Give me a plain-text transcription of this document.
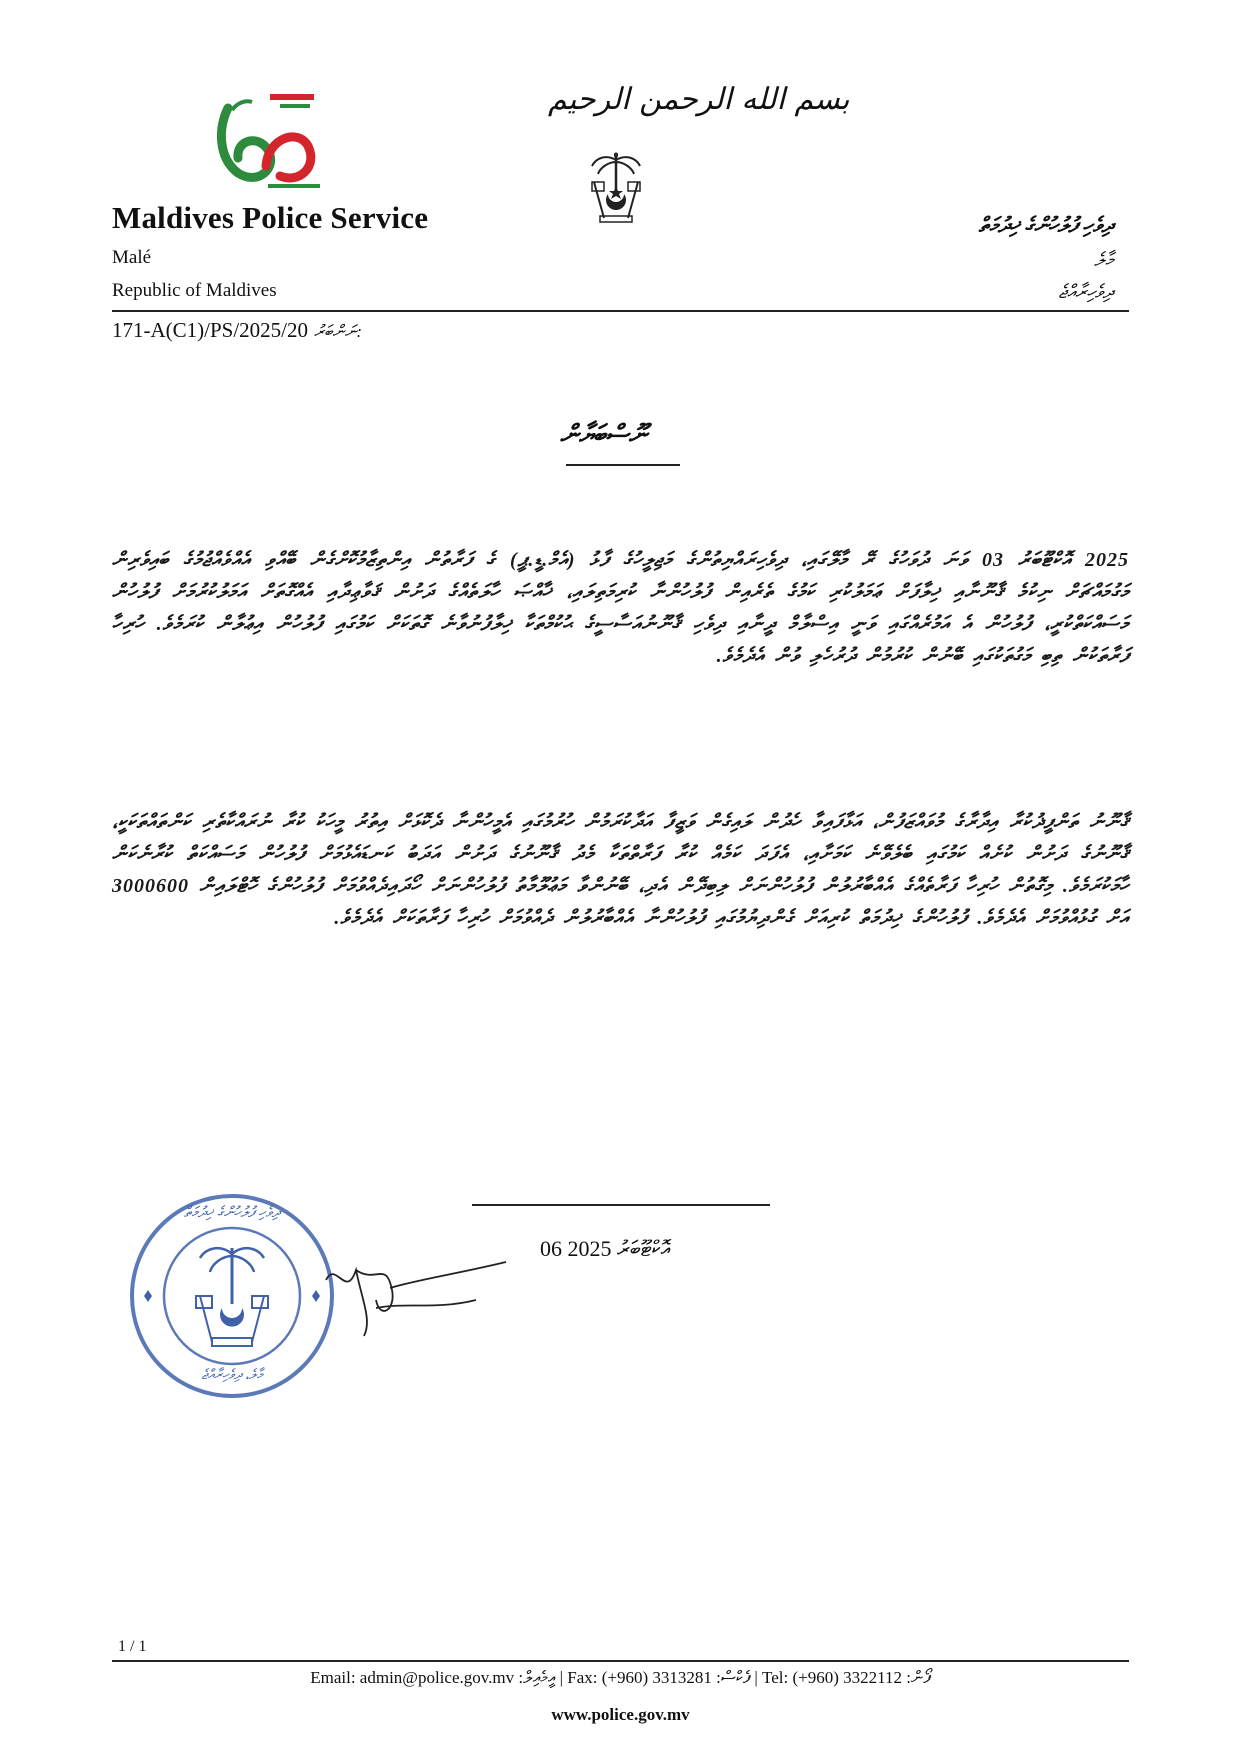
بسم الله الرحمن الرحيم
Maldives Police Service
Malé
Republic of Maldives
ދިވެހި ފުލުހުންގެ ޚިދުމަތް
މާލެ
ދިވެހިރާއްޖެ
171-A(C1)/PS/2025/20 ނަންބަރު:
ނޫސްބަޔާން
2025 އޮކްޓޫބަރު 03 ވަނަ ދުވަހުގެ ރޭ މާލޭގައި، ދިވެހިރައްޔިތުންގެ މަޖިލީހުގެ ފާޅު (އެމް.ޑީ.ޕީ) ގެ ފަރާތުން އިންތިޒާމުކޮށްގެން ބޭއްވި އެއްވެއްޖުމުގެ ބައިވެރިން މަގުމައްޗަށް ނިކުމެ ޤާނޫނާއި ޚިލާފަށް ޢަމަލުކުރި ކަމުގެ ތެރެއިން ފުލުހުންނާ ކުރިމަތިލައި، ޚާއްޞަ ހާލަތެއްގެ ދަށުން ޤަވާޢިދާއި އެއްގޮތަށް އަމަލުކުރުމަށް ފުލުހުން މަސައްކަތްކުރީ، ފުލުހުން އެ އަމުރެއްގައި ވަނީ އިސްލާމް ދީނާއި ދިވެހި ޤާނޫނުއަސާސީގެ ޙުކުމްތަކާ ޚިލާފުނުވާނެ ގޮތަކަށް ކަމުގައި ފުލުހުން އިޢުލާން ކުރަމެވެ. ހުރިހާ ފަރާތަކުން ތިބި މަގުތަކުގައި ބޭނުން ކުރުމުން ދުރުހެލި ވުން އެދެމެވެ.
ޤާނޫނު ތަންފީޛުކުރާ އިދާރާގެ މުވައްޒަފުން، އަޅާފައިވާ ހެދުން ލައިގެން ވަޒީފާ އަދާކުރަމުން ހުރުމުގައި އެމީހުންނާ ދެކޮޅަށް އިތުރު މީހަކު ކުރާ ނުރައްކާތެރި ކަންތައްތަކަކީ، ޤާނޫނުގެ ދަށުން ކުށެއް ކަމުގައި ބެލެވޭނެ ކަމަށާއި، އެފަދަ ކަމެއް ކުރާ ފަރާތްތަކާ މެދު ޤާނޫނުގެ ދަށުން އަދަބު ކަނޑައެޅުމަށް ފުލުހުން މަސައްކަތް ކުރާނެކަން ހާމަކުރަމެވެ. މިގޮތުން ހުރިހާ ފަރާތެއްގެ އެއްބާރުލުން ފުލުހުންނަށް ލިބިދޭން އެދި، ބޭނުންވާ މަޢުލޫމާތު ފުލުހުންނަށް ހޯދައިދެއްވުމަށް ފުލުހުންގެ ހޮޓްލައިން 3000600 އަށް ގުޅުއްވުމަށް އެދެމެވެ. ފުލުހުންގެ ޚިދުމަތް ކުރިއަށް ގެންދިޔުމުގައި ފުލުހުންނާ އެއްބާރުލުން ދެއްވުމަށް ހުރިހާ ފަރާތަކަށް އެދެމެވެ.
06 އޮކްޓޫބަރު 2025
ދިވެހި ފުލުހުންގެ ޚިދުމަތް
މާލެ، ދިވެހިރާއްޖެ
1 / 1
Email: admin@police.gov.mv :އީމެއިލް | Fax: (+960) 3313281 :ފެކްސް | Tel: (+960) 3322112 :ފޯން
www.police.gov.mv
